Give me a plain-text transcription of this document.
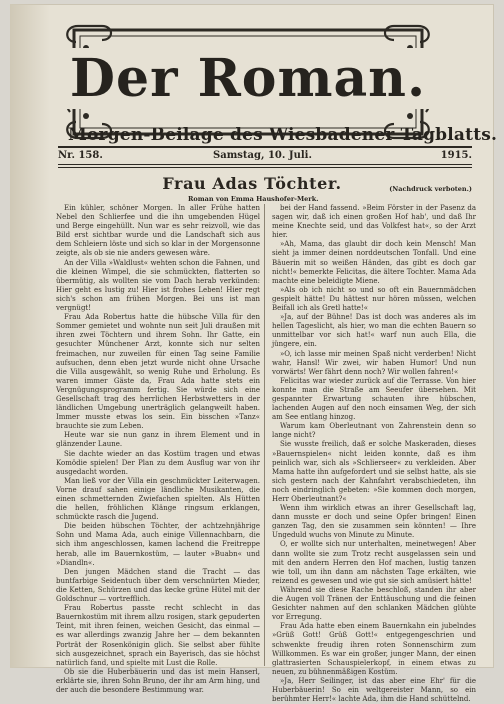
Der Roman.
Morgen-Beilage des Wiesbadener Tagblatts.
Nr. 158.	Samstag, 10. Juli.	1915.
Frau Adas Töchter.
Roman von Emma Haushofer-Merk.
(Nachdruck verboten.)

Ein kühler, schöner Morgen. In aller Frühe hatten Nebel den Schlierfee und die ihn umgebenden Hügel und Berge eingehüllt. Nun war es sehr reizvoll, wie das Bild erst sichtbar wurde und die Landschaft sich aus dem Schleiern löste und sich so klar in der Morgensonne zeigte, als ob sie nie anders gewesen wäre.

An der Villa »Waldlust« wehten schon die Fahnen, und die kleinen Wimpel, die sie schmückten, flatterten so übermütig, als wollten sie vom Dach herab verkünden: Hier geht es lustig zu! Hier ist frohes Leben! Hier regt sich's schon am frühen Morgen. Bei uns ist man vergnügt!

Frau Ada Robertus hatte die hübsche Villa für den Sommer gemietet und wohnte nun seit Juli draußen mit ihren zwei Töchtern und ihrem Sohn. Ihr Gatte, ein gesuchter Münchener Arzt, konnte sich nur selten freimachen, nur zuweilen für einen Tag seine Familie aufsuchen, denn eben jetzt wurde nicht ohne Ursache die Villa ausgewählt, so wenig Ruhe und Erholung. Es waren immer Gäste da, Frau Ada hatte stets ein Vergnügungsprogramm fertig. Sie würde sich eine Gesellschaft trag des herrlichen Herbstwetters in der ländlichen Umgebung unerträglich gelangweilt haben. Immer musste etwas los sein. Ein bisschen »Tanz« brauchte sie zum Leben.

Heute war sie nun ganz in ihrem Element und in glänzender Laune.

Sie dachte wieder an das Kostüm tragen und etwas Komödie spielen! Der Plan zu dem Ausflug war von ihr ausgedacht worden.

Man ließ vor der Villa ein geschmückter Leiterwagen. Vorne drauf sahen einige ländliche Musikanten, die einen schmetternden Zwiefachen spielten. Als Hütten die hellen, fröhlichen Klänge ringsum erklangen, schmückte rasch die Jugend.

Die beiden hübschen Töchter, der achtzehnjährige Sohn und Mama Ada, auch einige Villennachbarn, die sich ihm angeschlossen, kamen lachend die Freitreppe herab, alle im Bauernkostüm, — lauter »Buabn« und »Diandln«.

Den jungen Mädchen stand die Tracht — das buntfarbige Seidentuch über dem verschnürten Mieder, die Ketten, Schürzen und das kecke grüne Hütel mit der Goldschnur — vortrefflich.

Frau Robertus passte recht schlecht in das Bauernkostüm mit ihrem allzu rosigen, stark gepuderten Teint, mit ihren feinen, weichen Gesicht, das einmal — es war allerdings zwanzig Jahre her — dem bekannten Porträt der Rosenkönigin glich. Sie selbst aber fühlte sich ausgezeichnet, sprach ein Bayerisch, das sie höchst natürlich fand, und spielte mit Lust die Rolle.

Ob sie die Huberbäuerin und das ist mein Hanserl, erklärte sie, ihren Sohn Bruno, der ihr am Arm hing, und der auch die besondere Bestimmung war.

bei der Hand fassend. »Beim Förster in der Pasenz da sagen wir, daß ich einen großen Hof hab', und daß Ihr meine Knechte seid, und das Volkfest hat«, so der Arzt hier.

»Ah, Mama, das glaubt dir doch kein Mensch! Man sieht ja immer deinen norddeutschen Tonfall. Und eine Bäuerin mit so weißen Händen, das gibt es doch gar nicht!« bemerkte Felicitas, die ältere Tochter. Mama Ada machte eine beleidigte Miene.

»Als ob ich nicht so und so oft ein Bauernmädchen gespielt hätte! Du hättest nur hören müssen, welchen Beifall ich als Gretl hatte!«

»Ja, auf der Bühne! Das ist doch was anderes als im hellen Tageslicht, als hier, wo man die echten Bauern so unmittelbar vor sich hat!« warf nun auch Ella, die jüngere, ein.

»O, ich lasse mir meinen Spaß nicht verderben! Nicht wahr, Hansl! Wir zwei, wir haben Humor! Und nun vorwärts! Wer fährt denn noch? Wir wollen fahren!«

Felicitas war wieder zurück auf die Terrasse. Von hier konnte man die Straße am Seeufer übersehen. Mit gespannter Erwartung schauten ihre hübschen, lachenden Augen auf den noch einsamen Weg, der sich am See entlang hinzog.

Warum kam Oberleutnant von Zahrenstein denn so lange nicht?

Sie wusste freilich, daß er solche Maskeraden, dieses »Bauernspielen« nicht leiden konnte, daß es ihm peinlich war, sich als »Schlierseer« zu verkleiden. Aber Mama hatte ihn aufgefordert und sie selbst hatte, als sie sich gestern nach der Kahnfahrt verabschiedeten, ihn noch eindringlich gebeten: »Sie kommen doch morgen, Herr Oberleutnant?«

Wenn ihm wirklich etwas an ihrer Gesellschaft lag, dann musste er doch und seine Opfer bringen! Einen ganzen Tag, den sie zusammen sein könnten! — Ihre Ungeduld wuchs von Minute zu Minute.

O, er wollte sich nur unterhalten, meinetwegen! Aber dann wollte sie zum Trotz recht ausgelassen sein und mit den andern Herren den Hof machen, lustig tanzen wie toll, um ihn dann am nächsten Tage erkälten, wie reizend es gewesen und wie gut sie sich amüsiert hätte!

Während sie diese Rache beschloß, standen ihr aber die Augen voll Tränen der Enttäuschung und die feinen Gesichter nahmen auf den schlanken Mädchen glühte vor Erregung.

Frau Ada hatte eben einem Bauernkahn ein jubelndes »Grüß Gott! Grüß Gott!« entgegengeschrien und schwenkte freudig ihren roten Sonnenschirm zum Willkommen. Es war ein großer, junger Mann, der einen glattrasierten Schauspielerkopf, in einem etwas zu neuen, zu bühnenmäßigen Kostüm.

»Ja, Herr Seilinger, ist das aber eine Ehr' für die Huberbäuerin! So ein weltgereister Mann, so ein berühmter Herr!« lachte Ada, ihm die Hand schüttelnd.
